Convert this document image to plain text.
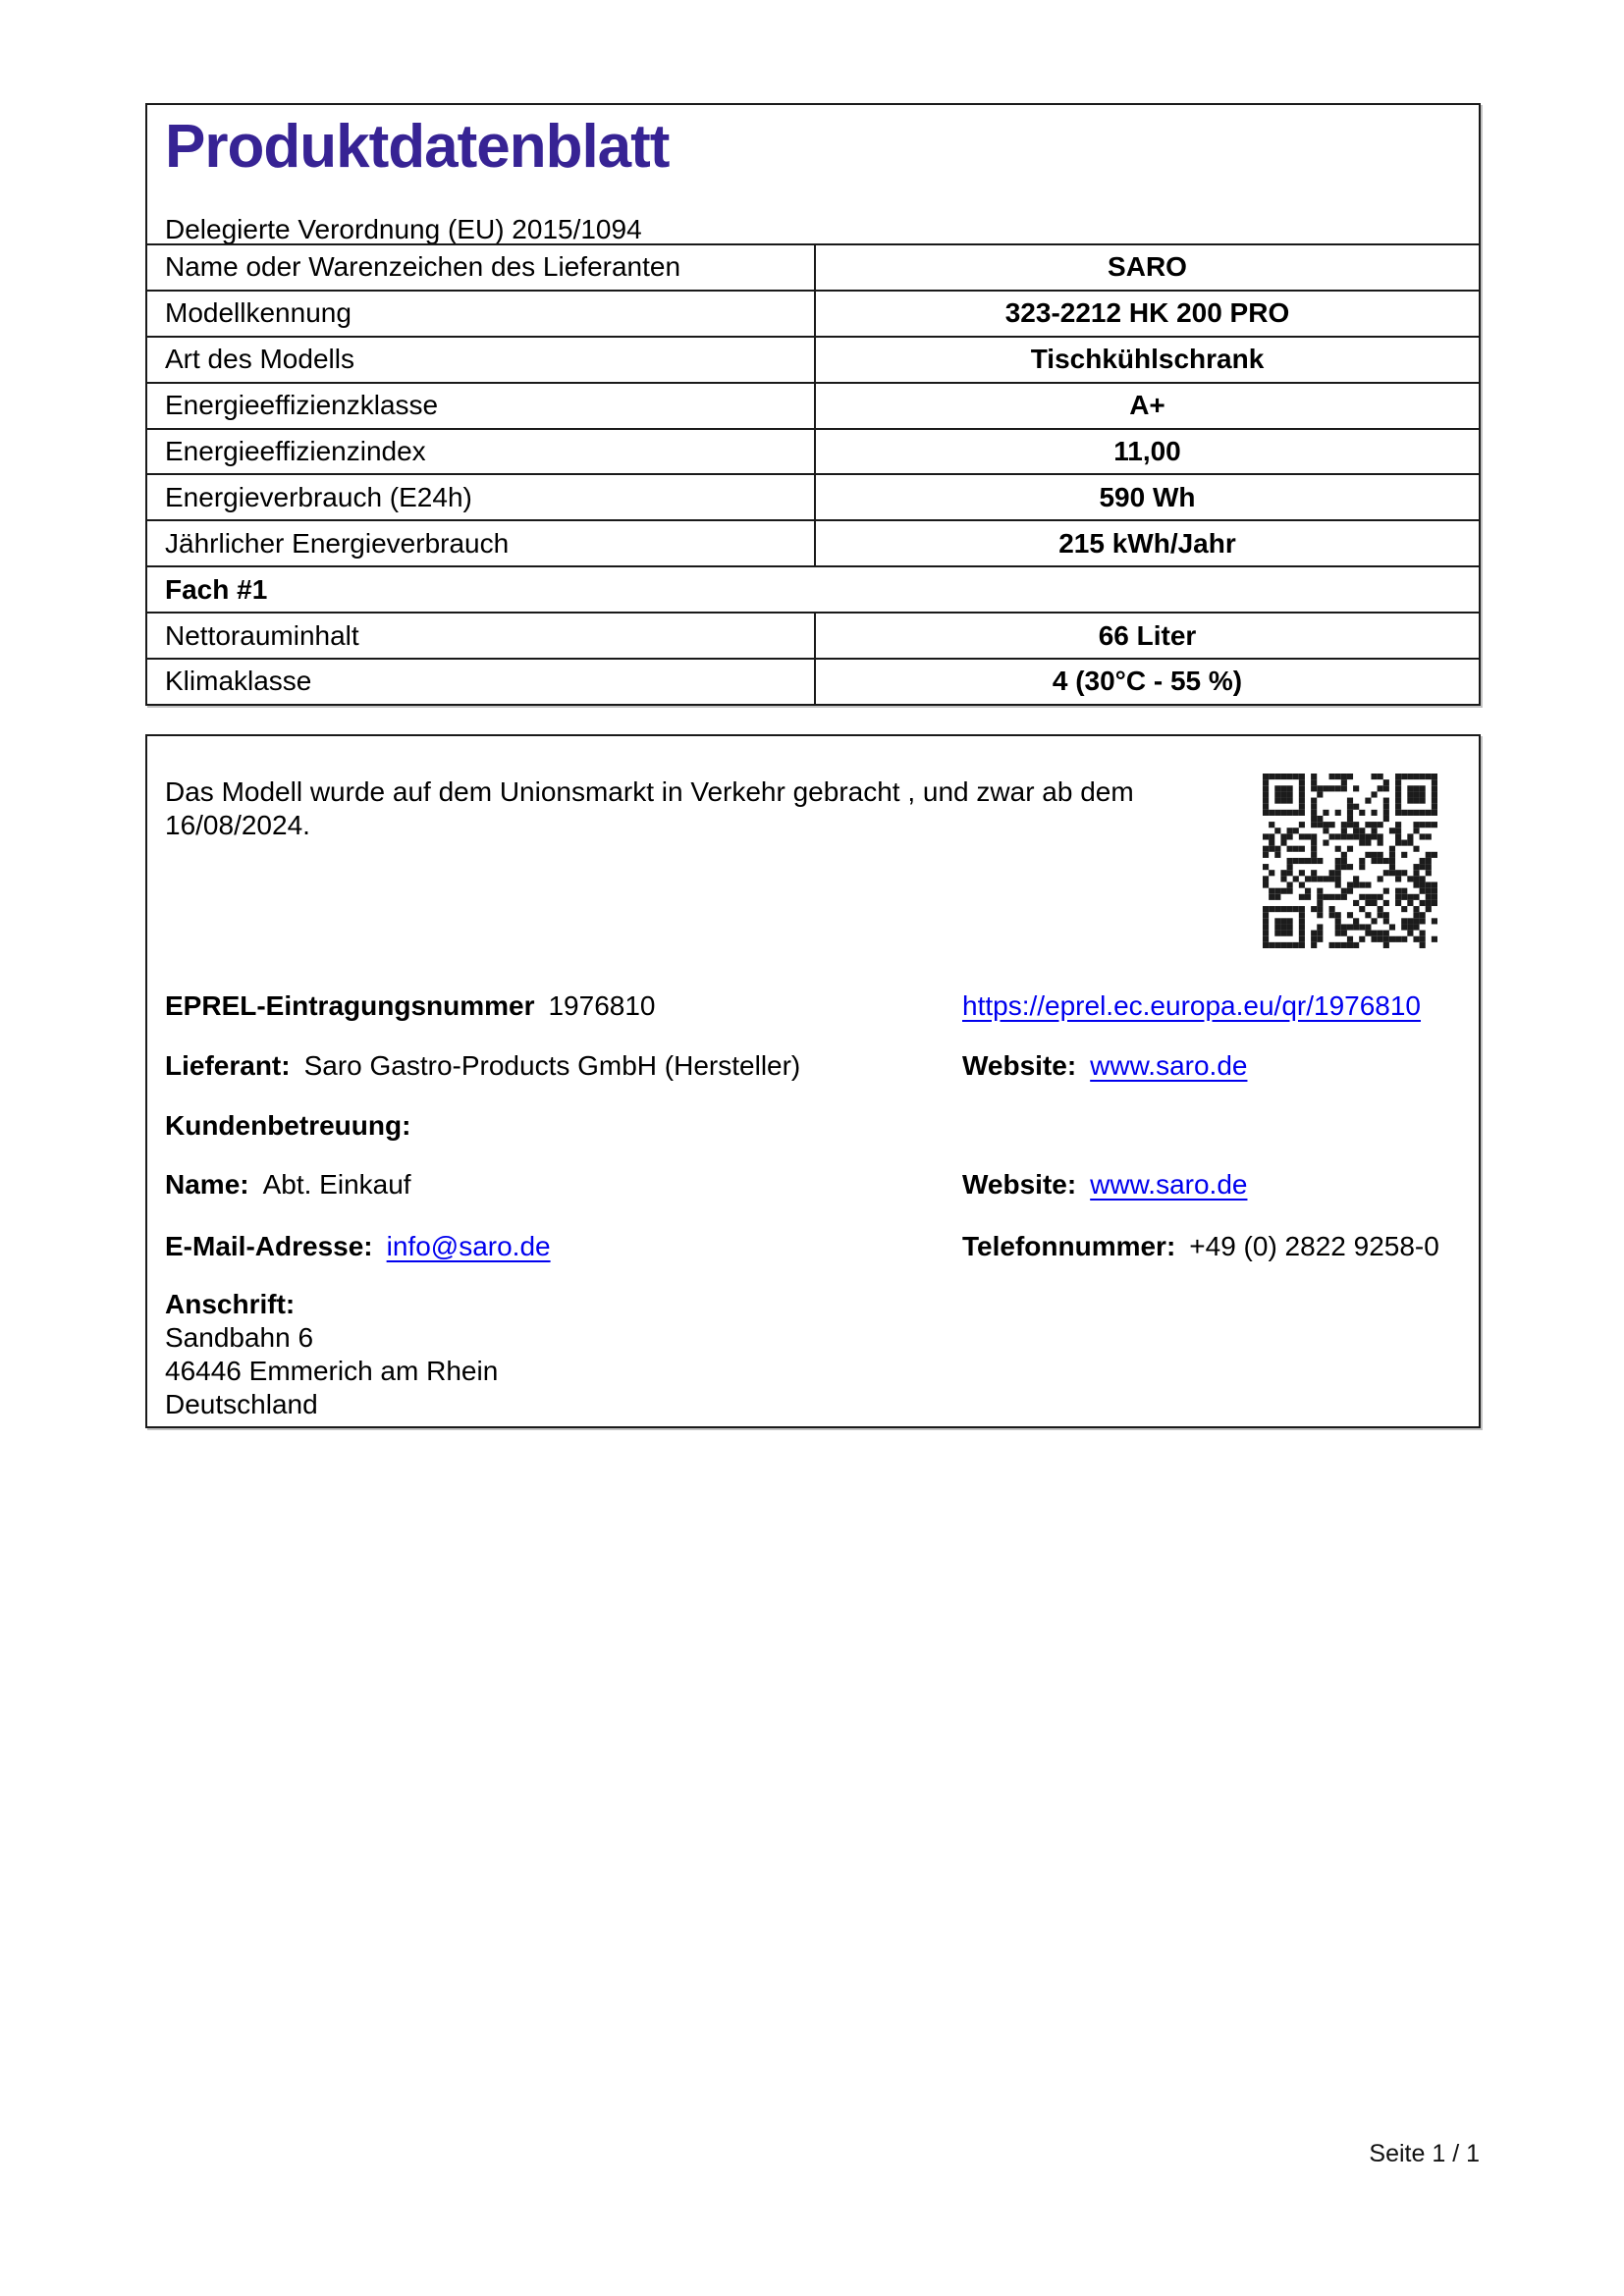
Produktdatenblatt
Delegierte Verordnung (EU) 2015/1094
Name oder Warenzeichen des Lieferanten	SARO
Modellkennung	323-2212 HK 200 PRO
Art des Modells	Tischkühlschrank
Energieeffizienzklasse	A+
Energieeffizienzindex	11,00
Energieverbrauch (E24h)	590 Wh
Jährlicher Energieverbrauch	215 kWh/Jahr
Fach #1
Nettorauminhalt	66 Liter
Klimaklasse	4 (30°C - 55 %)
Das Modell wurde auf dem Unionsmarkt in Verkehr gebracht , und zwar ab dem 16/08/2024.
EPREL-Eintragungsnummer 1976810	https://eprel.ec.europa.eu/qr/1976810
Lieferant: Saro Gastro-Products GmbH (Hersteller)	Website: www.saro.de
Kundenbetreuung:
Name: Abt. Einkauf	Website: www.saro.de
E-Mail-Adresse: info@saro.de	Telefonnummer: +49 (0) 2822 9258-0
Anschrift:
Sandbahn 6
46446 Emmerich am Rhein
Deutschland
Seite 1 / 1
